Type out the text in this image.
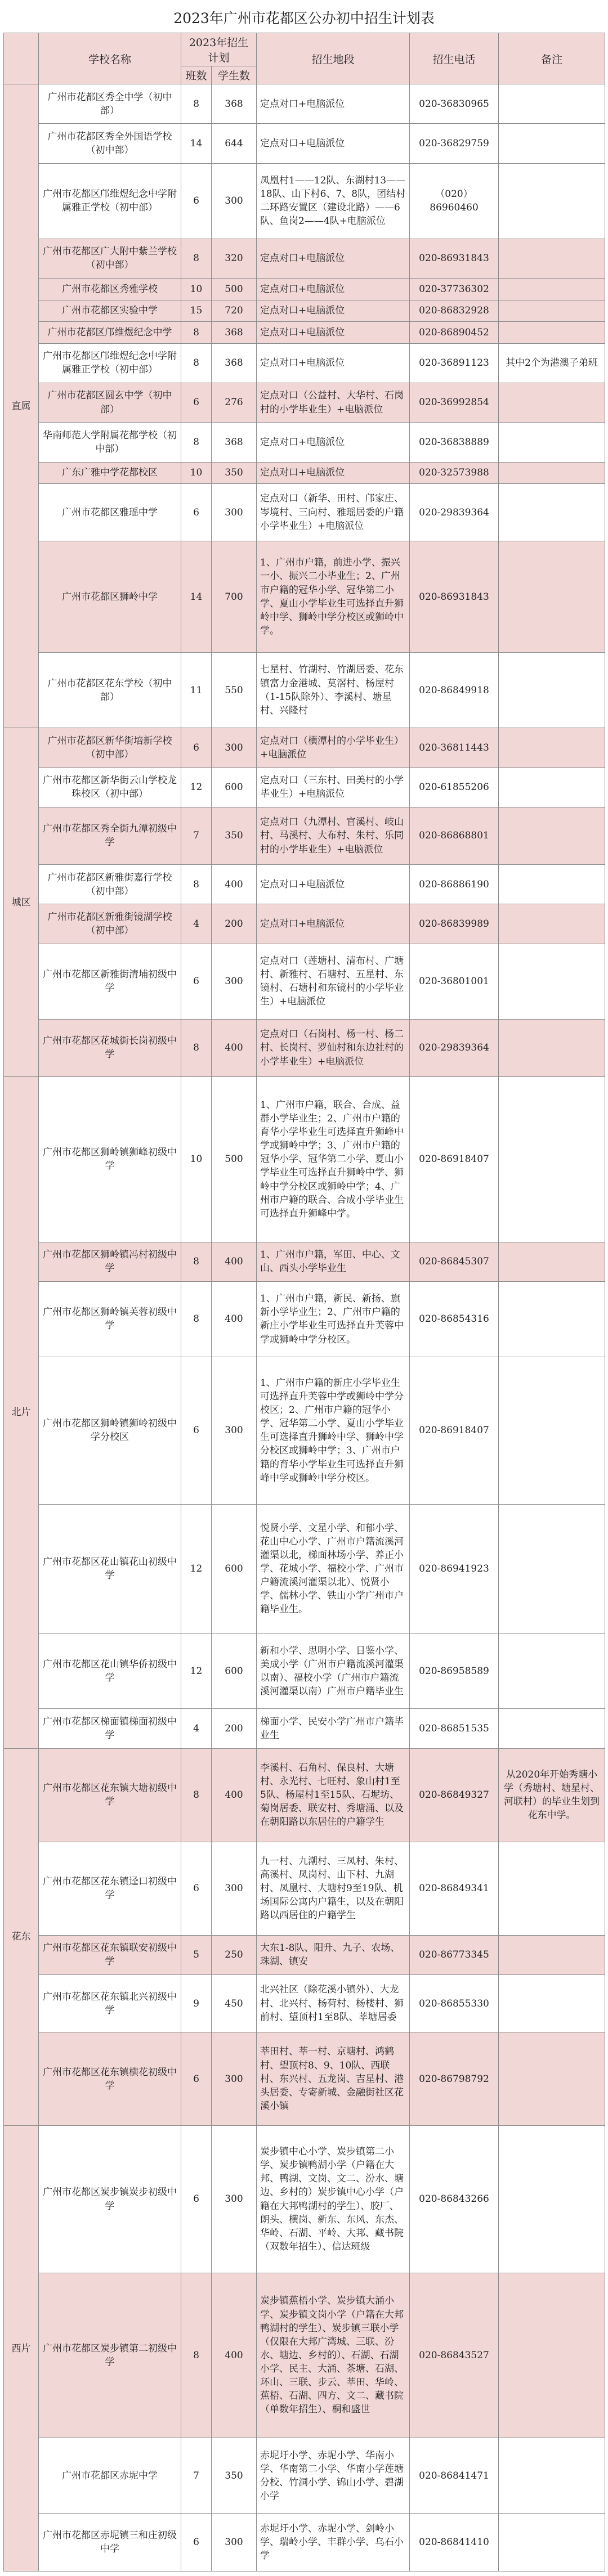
2023年广州市花都区公办初中招生计划表
	学校名称	2023年招生计划		招生地段	招生电话	备注
		班数	学生数			
直属	广州市花都区秀全中学（初中部）	8	368	定点对口+电脑派位	020-36830965	
	广州市花都区秀全外国语学校（初中部）	14	644	定点对口+电脑派位	020-36829759	
	广州市花都区邝维煜纪念中学附属雅正学校（初中部）	6	300	凤凰村1——12队、东湖村13——18队、山下村6、7、8队，团结村二环路安置区（建设北路）——6队、鱼岗2——4队+电脑派位	（020）86960460	
	广州市花都区广大附中紫兰学校（初中部）	8	320	定点对口+电脑派位	020-86931843	
	广州市花都区秀雅学校	10	500	定点对口+电脑派位	020-37736302	
	广州市花都区实验中学	15	720	定点对口+电脑派位	020-86832928	
	广州市花都区邝维煜纪念中学	8	368	定点对口+电脑派位	020-86890452	
	广州市花都区邝维煜纪念中学附属雅正学校（初中部）	8	368	定点对口+电脑派位	020-36891123	其中2个为港澳子弟班
	广州市花都区圆玄中学（初中部）	6	276	定点对口（公益村、大华村、石岗村的小学毕业生）+电脑派位	020-36992854	
	华南师范大学附属花都学校（初中部）	8	368	定点对口+电脑派位	020-36838889	
	广东广雅中学花都校区	10	350	定点对口+电脑派位	020-32573988	
	广州市花都区雅瑶中学	6	300	定点对口（新华、田村、邝家庄、岑境村、三向村、雅瑶居委的户籍小学毕业生）+电脑派位	020-29839364	
	广州市花都区狮岭中学	14	700	1、广州市户籍，前进小学、振兴一小、振兴二小毕业生；2、广州市户籍的冠华小学、冠华第二小学、夏山小学毕业生可选择直升狮岭中学、狮岭中学分校区或狮岭中学。	020-86931843	
	广州市花都区花东学校（初中部）	11	550	七星村、竹湖村、竹湖居委、花东镇富力金港城、莫滘村、杨屋村（1-15队除外）、李溪村、塘星村、兴隆村	020-86849918	
城区	广州市花都区新华街培新学校（初中部）	6	300	定点对口（横潭村的小学毕业生）+电脑派位	020-36811443	
	广州市花都区新华街云山学校龙珠校区（初中部）	12	600	定点对口（三东村、田美村的小学毕业生）+电脑派位	020-61855206	
	广州市花都区秀全街九潭初级中学	7	350	定点对口（九潭村、官溪村、岐山村、马溪村、大布村、朱村、乐同村的小学毕业生）+电脑派位	020-86868801	
	广州市花都区新雅街嘉行学校（初中部）	8	400	定点对口+电脑派位	020-86886190	
	广州市花都区新雅街镜湖学校（初中部）	4	200	定点对口+电脑派位	020-86839989	
	广州市花都区新雅街清埔初级中学	6	300	定点对口（莲塘村、清布村、广塘村、新雅村、石塘村、五星村、东镜村、石塘村和东镜村的小学毕业生）+电脑派位	020-36801001	
	广州市花都区花城街长岗初级中学	8	400	定点对口（石岗村、杨一村、杨二村、长岗村、罗仙村和东边社村的小学毕业生）+电脑派位	020-29839364	
北片	广州市花都区狮岭镇狮峰初级中学	10	500	1、广州市户籍，联合、合成、益群小学毕业生；2、广州市户籍的育华小学毕业生可选择直升狮峰中学或狮岭中学；3、广州市户籍的冠华小学、冠华第二小学、夏山小学毕业生可选择直升狮岭中学、狮岭中学分校区或狮岭中学；4、广州市户籍的联合、合成小学毕业生可选择直升狮峰中学。	020-86918407	
	广州市花都区狮岭镇冯村初级中学	8	400	1、广州市户籍，军田、中心、文山、西头小学毕业生	020-86845307	
	广州市花都区狮岭镇芙蓉初级中学	8	400	1、广州市户籍，新民、新扬、旗新小学毕业生；2、广州市户籍的新庄小学毕业生可选择直升芙蓉中学或狮岭中学分校区。	020-86854316	
	广州市花都区狮岭镇狮岭初级中学分校区	6	300	1、广州市户籍的新庄小学毕业生可选择直升芙蓉中学或狮岭中学分校区；2、广州市户籍的冠华小学、冠华第二小学、夏山小学毕业生可选择直升狮岭中学、狮岭中学分校区或狮岭中学；3、广州市户籍的育华小学毕业生可选择直升狮峰中学或狮岭中学分校区。	020-86918407	
	广州市花都区花山镇花山初级中学	12	600	悦贤小学、文星小学、和郁小学、花山中心小学、广州市户籍流溪河灌渠以北，梯面林场小学、养正小学、花城小学、福校小学、广州市户籍流溪河灌渠以北）、悦贤小学、儒林小学、铁山小学广州市户籍毕业生。	020-86941923	
	广州市花都区花山镇华侨初级中学	12	600	新和小学、思明小学、日鉴小学、美成小学（广州市户籍流溪河灌渠以南）、福校小学（广州市户籍流溪河灌渠以南）广州市户籍毕业生	020-86958589	
	广州市花都区梯面镇梯面初级中学	4	200	梯面小学、民安小学广州市户籍毕业生	020-86851535	
花东	广州市花都区花东镇大塘初级中学	8	400	李溪村、石角村、保良村、大塘村、永光村、七旺村、象山村1至5队、杨屋村1至15队、石坭坊、菊岗居委、联安村、秀塘涌、以及在朝阳路以东居住的户籍学生	020-86849327	从2020年开始秀塘小学（秀塘村、塘星村、河联村）的毕业生划到花东中学。
	广州市花都区花东镇迳口初级中学	6	300	九一村、九潮村、三凤村、朱村、高溪村、凤岗村、山下村、九湖村、凤凰村、大塘村9至19队、机场国际公寓内户籍生，以及在朝阳路以西居住的户籍学生	020-86849341	
	广州市花都区花东镇联安初级中学	5	250	大东1-8队、阳升、九子、农场、珠湖、镇安	020-86773345	
	广州市花都区花东镇北兴初级中学	9	450	北兴社区（除花溪小镇外）、大龙村、北兴村、杨荷村、杨楼村、狮前村、望顶村1至8队、莘塘居委	020-86855330	
	广州市花都区花东镇横花初级中学	6	300	莘田村、莘一村、京塘村、鸿鹤村、望顶村8、9、10队、西联村、东兴村、五龙岗、吉星村、港头居委、专寄新城、金融街社区花溪小镇	020-86798792	
西片	广州市花都区炭步镇炭步初级中学	6	300	炭步镇中心小学、炭步镇第二小学、炭步镇鸭湖小学（户籍在大邦、鸭湖、文岗、文二、汾水、塘边、乡村的）炭步镇中心小学（户籍在大邦鸭湖村的学生）、胶厂、朗头、横岗、新东、东风、东杰、华岭、石湖、平岭、大邦、藏书院（双数年招生）、信达班级	020-86843266	
	广州市花都区炭步镇第二初级中学	8	400	炭步镇蕉梧小学、炭步镇大涌小学、炭步镇文岗小学（户籍在大邦鸭湖村的学生）、炭步镇三联小学（仅限在大邦广湾城、三联、汾水、塘边、乡村的）、石湖、石湖小学、民主、大涌、茶塘、石湖、环山、三联、步云、莘田、华岭、蕉梧、石湖、四方、文二、藏书院（单数年招生）、桐和盛世	020-86843527	
	广州市花都区赤坭中学	7	350	赤坭圩小学、赤坭小学、华南小学、华南第二小学、华南小学莲塘分校、竹洞小学、锦山小学、碧湖小学	020-86841471	
	广州市花都区赤坭镇三和庄初级中学	6	300	赤坭圩小学、赤坭小学、剑岭小学、瑞岭小学、丰群小学、乌石小学	020-86841410	
